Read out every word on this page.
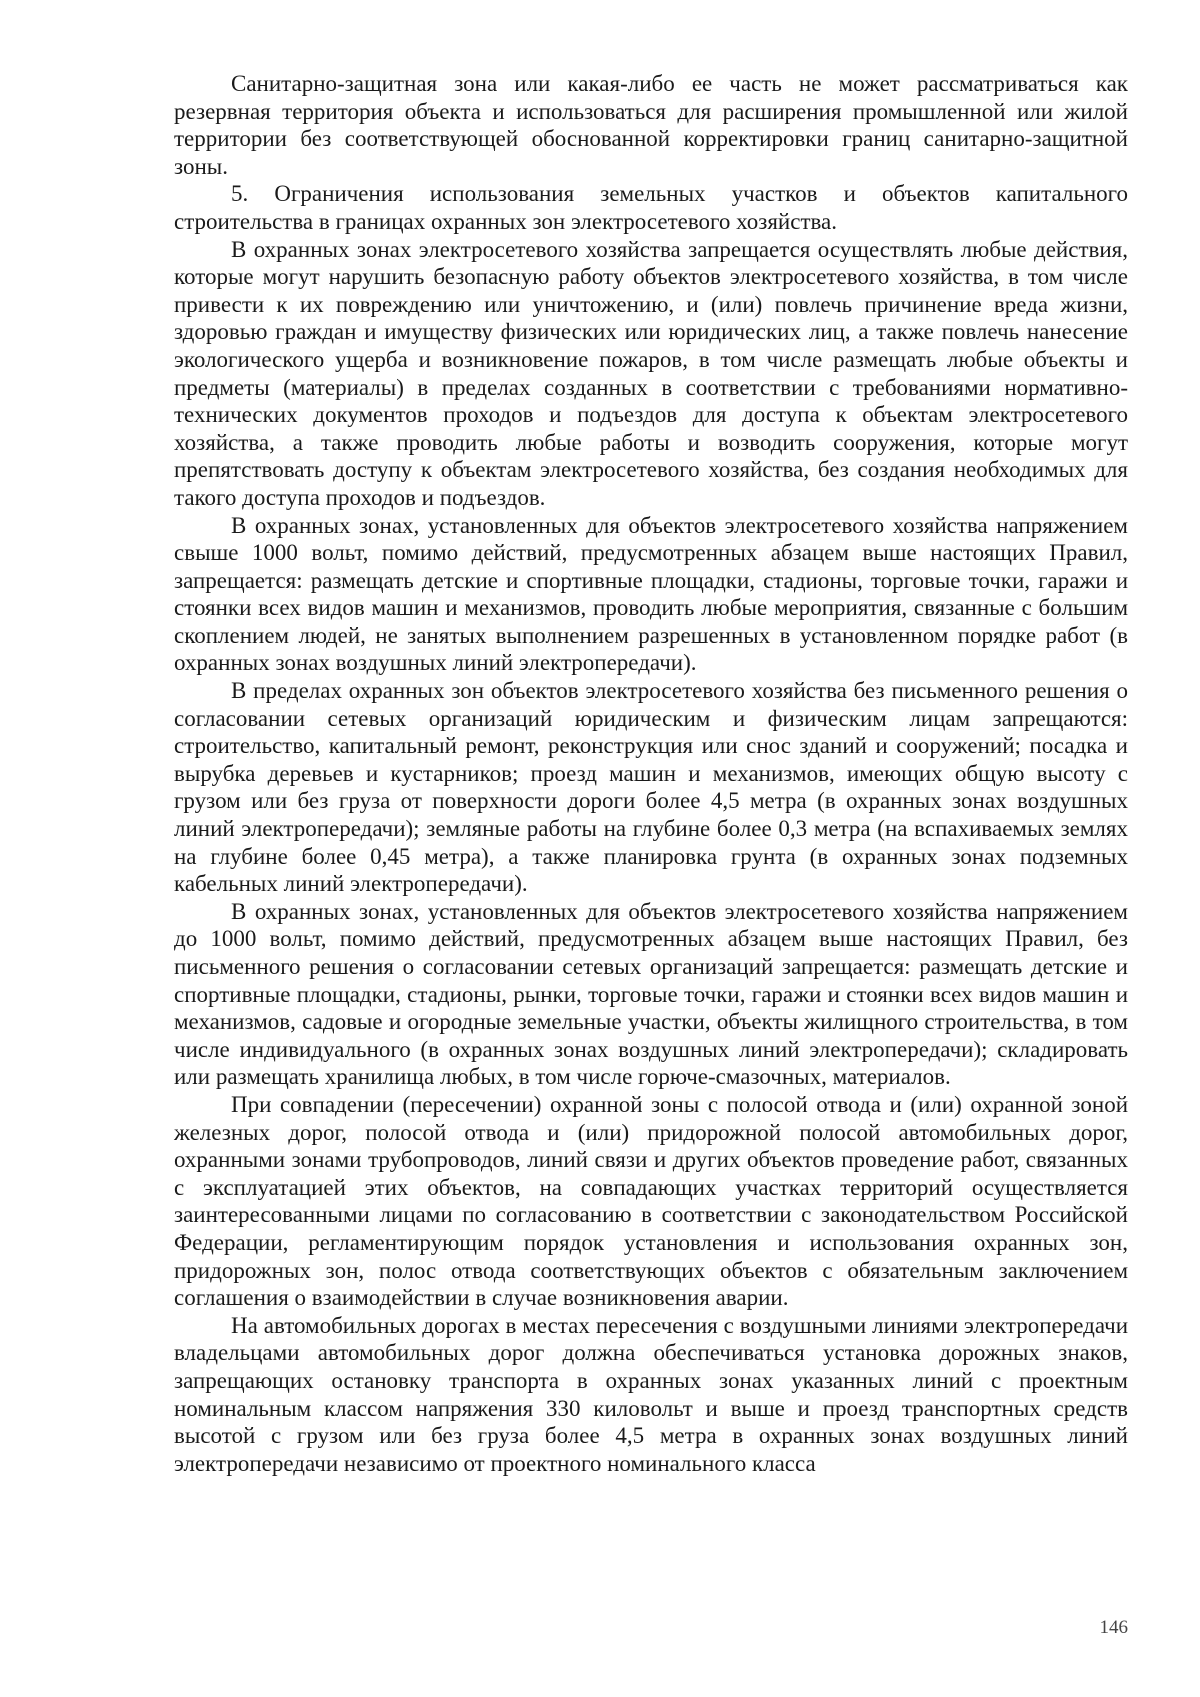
Санитарно-защитная зона или какая-либо ее часть не может рассматриваться как резервная территория объекта и использоваться для расширения промышленной или жилой территории без соответствующей обоснованной корректировки границ санитарно-защитной зоны.

5. Ограничения использования земельных участков и объектов капитального строительства в границах охранных зон электросетевого хозяйства.

В охранных зонах электросетевого хозяйства запрещается осуществлять любые действия, которые могут нарушить безопасную работу объектов электросетевого хозяйства, в том числе привести к их повреждению или уничтожению, и (или) повлечь причинение вреда жизни, здоровью граждан и имуществу физических или юридических лиц, а также повлечь нанесение экологического ущерба и возникновение пожаров, в том числе размещать любые объекты и предметы (материалы) в пределах созданных в соответствии с требованиями нормативно-технических документов проходов и подъездов для доступа к объектам электросетевого хозяйства, а также проводить любые работы и возводить сооружения, которые могут препятствовать доступу к объектам электросетевого хозяйства, без создания необходимых для такого доступа проходов и подъездов.

В охранных зонах, установленных для объектов электросетевого хозяйства напряжением свыше 1000 вольт, помимо действий, предусмотренных абзацем выше настоящих Правил, запрещается: размещать детские и спортивные площадки, стадионы, торговые точки, гаражи и стоянки всех видов машин и механизмов, проводить любые мероприятия, связанные с большим скоплением людей, не занятых выполнением разрешенных в установленном порядке работ (в охранных зонах воздушных линий электропередачи).

В пределах охранных зон объектов электросетевого хозяйства без письменного решения о согласовании сетевых организаций юридическим и физическим лицам запрещаются: строительство, капитальный ремонт, реконструкция или снос зданий и сооружений; посадка и вырубка деревьев и кустарников; проезд машин и механизмов, имеющих общую высоту с грузом или без груза от поверхности дороги более 4,5 метра (в охранных зонах воздушных линий электропередачи); земляные работы на глубине более 0,3 метра (на вспахиваемых землях на глубине более 0,45 метра), а также планировка грунта (в охранных зонах подземных кабельных линий электропередачи).

В охранных зонах, установленных для объектов электросетевого хозяйства напряжением до 1000 вольт, помимо действий, предусмотренных абзацем выше настоящих Правил, без письменного решения о согласовании сетевых организаций запрещается: размещать детские и спортивные площадки, стадионы, рынки, торговые точки, гаражи и стоянки всех видов машин и механизмов, садовые и огородные земельные участки, объекты жилищного строительства, в том числе индивидуального (в охранных зонах воздушных линий электропередачи); складировать или размещать хранилища любых, в том числе горюче-смазочных, материалов.

При совпадении (пересечении) охранной зоны с полосой отвода и (или) охранной зоной железных дорог, полосой отвода и (или) придорожной полосой автомобильных дорог, охранными зонами трубопроводов, линий связи и других объектов проведение работ, связанных с эксплуатацией этих объектов, на совпадающих участках территорий осуществляется заинтересованными лицами по согласованию в соответствии с законодательством Российской Федерации, регламентирующим порядок установления и использования охранных зон, придорожных зон, полос отвода соответствующих объектов с обязательным заключением соглашения о взаимодействии в случае возникновения аварии.

На автомобильных дорогах в местах пересечения с воздушными линиями электропередачи владельцами автомобильных дорог должна обеспечиваться установка дорожных знаков, запрещающих остановку транспорта в охранных зонах указанных линий с проектным номинальным классом напряжения 330 киловольт и выше и проезд транспортных средств высотой с грузом или без груза более 4,5 метра в охранных зонах воздушных линий электропередачи независимо от проектного номинального класса

146
